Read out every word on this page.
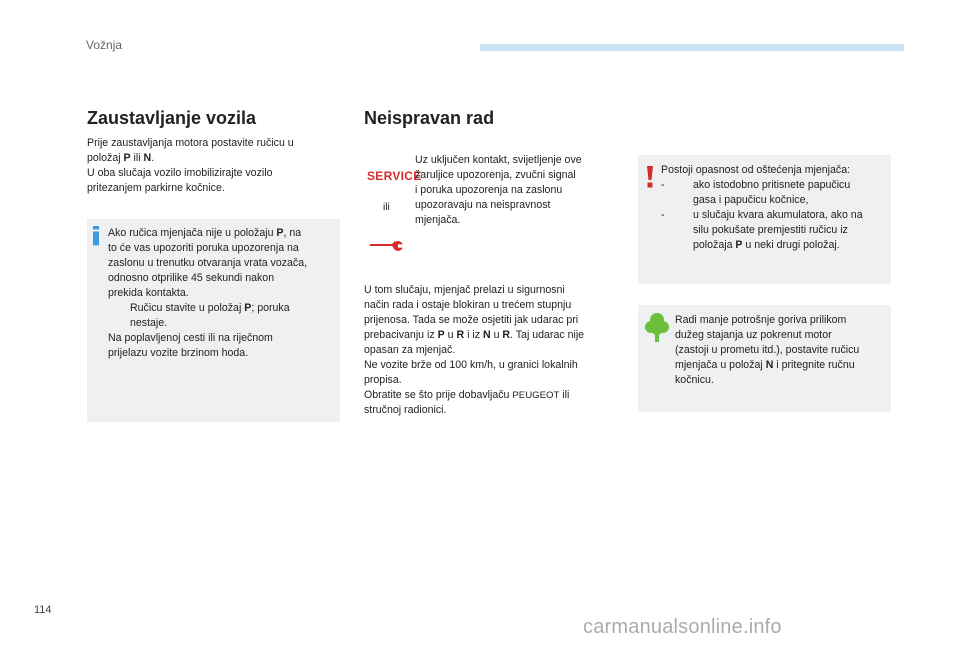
Vožnja
Zaustavljanje vozila

Prije zaustavljanja motora postavite ručicu u

položaj P ili N.

U oba slučaja vozilo imobilizirajte vozilo

pritezanjem parkirne kočnice.

Ako ručica mjenjača nije u položaju P, na

to će vas upozoriti poruka upozorenja na

zaslonu u trenutku otvaranja vrata vozača,

odnosno otprilike 45 sekundi nakon

prekida kontakta.

Ručicu stavite u položaj P; poruka
nestaje.

Na poplavljenoj cesti ili na riječnom

prijelazu vozite brzinom hoda.

Neispravan rad
SERVICE
ili

Uz uključen kontakt, svijetljenje ove

žaruljice upozorenja, zvučni signal

i poruka upozorenja na zaslonu

upozoravaju na neispravnost

mjenjača.

U tom slučaju, mjenjač prelazi u sigurnosni

način rada i ostaje blokiran u trećem stupnju

prijenosa. Tada se može osjetiti jak udarac pri

prebacivanju iz P u R i iz N u R. Taj udarac nije

opasan za mjenjač.

Ne vozite brže od 100 km/h, u granici lokalnih

propisa.

Obratite se što prije dobavljaču PEUGEOT ili

stručnoj radionici.

Postoji opasnost od oštećenja mjenjača:

-	ako istodobno pritisnete papučicu
gasa i papučicu kočnice,
-	u slučaju kvara akumulatora, ako na
silu pokušate premjestiti ručicu iz
položaja P u neki drugi položaj.

Radi manje potrošnje goriva prilikom

dužeg stajanja uz pokrenut motor

(zastoji u prometu itd.), postavite ručicu

mjenjača u položaj N i pritegnite ručnu

kočnicu.

114
carmanualsonline.info
